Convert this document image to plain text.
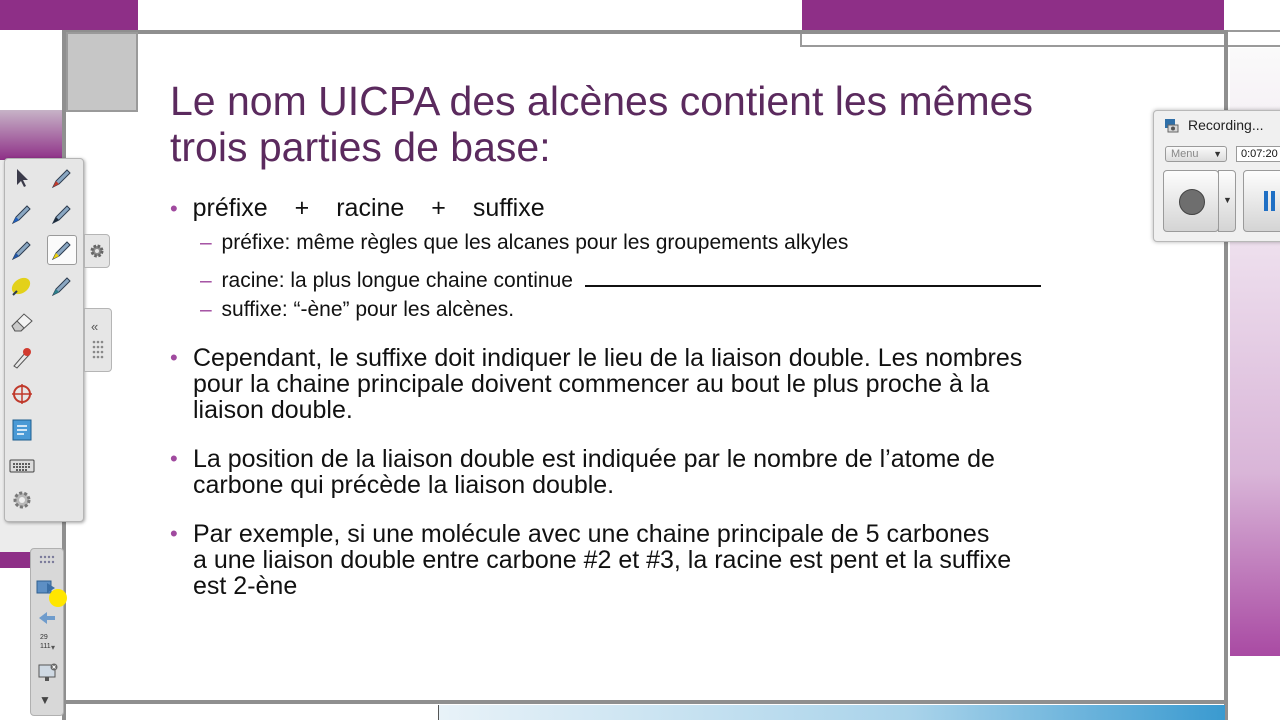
Le nom UICPA des alcènes contient les mêmes
trois parties de base:
• préfixe + racine + suffixe
– préfixe: même règles que les alcanes pour les groupements alkyles
– racine: la plus longue chaine continue
– suffixe: “-ène” pour les alcènes.
• Cependant, le suffixe doit indiquer le lieu de la liaison double. Les nombres
pour la chaine principale doivent commencer au bout le plus proche à la
liaison double.
• La position de la liaison double est indiquée par le nombre de l’atome de
carbone qui précède la liaison double.
• Par exemple, si une molécule avec une chaine principale de 5 carbones
a une liaison double entre carbone #2 et #3, la racine est pent et la suffixe
est 2-ène
«
29
111 ▾
▼
Recording...
Menu ▼	0:07:20
▼
